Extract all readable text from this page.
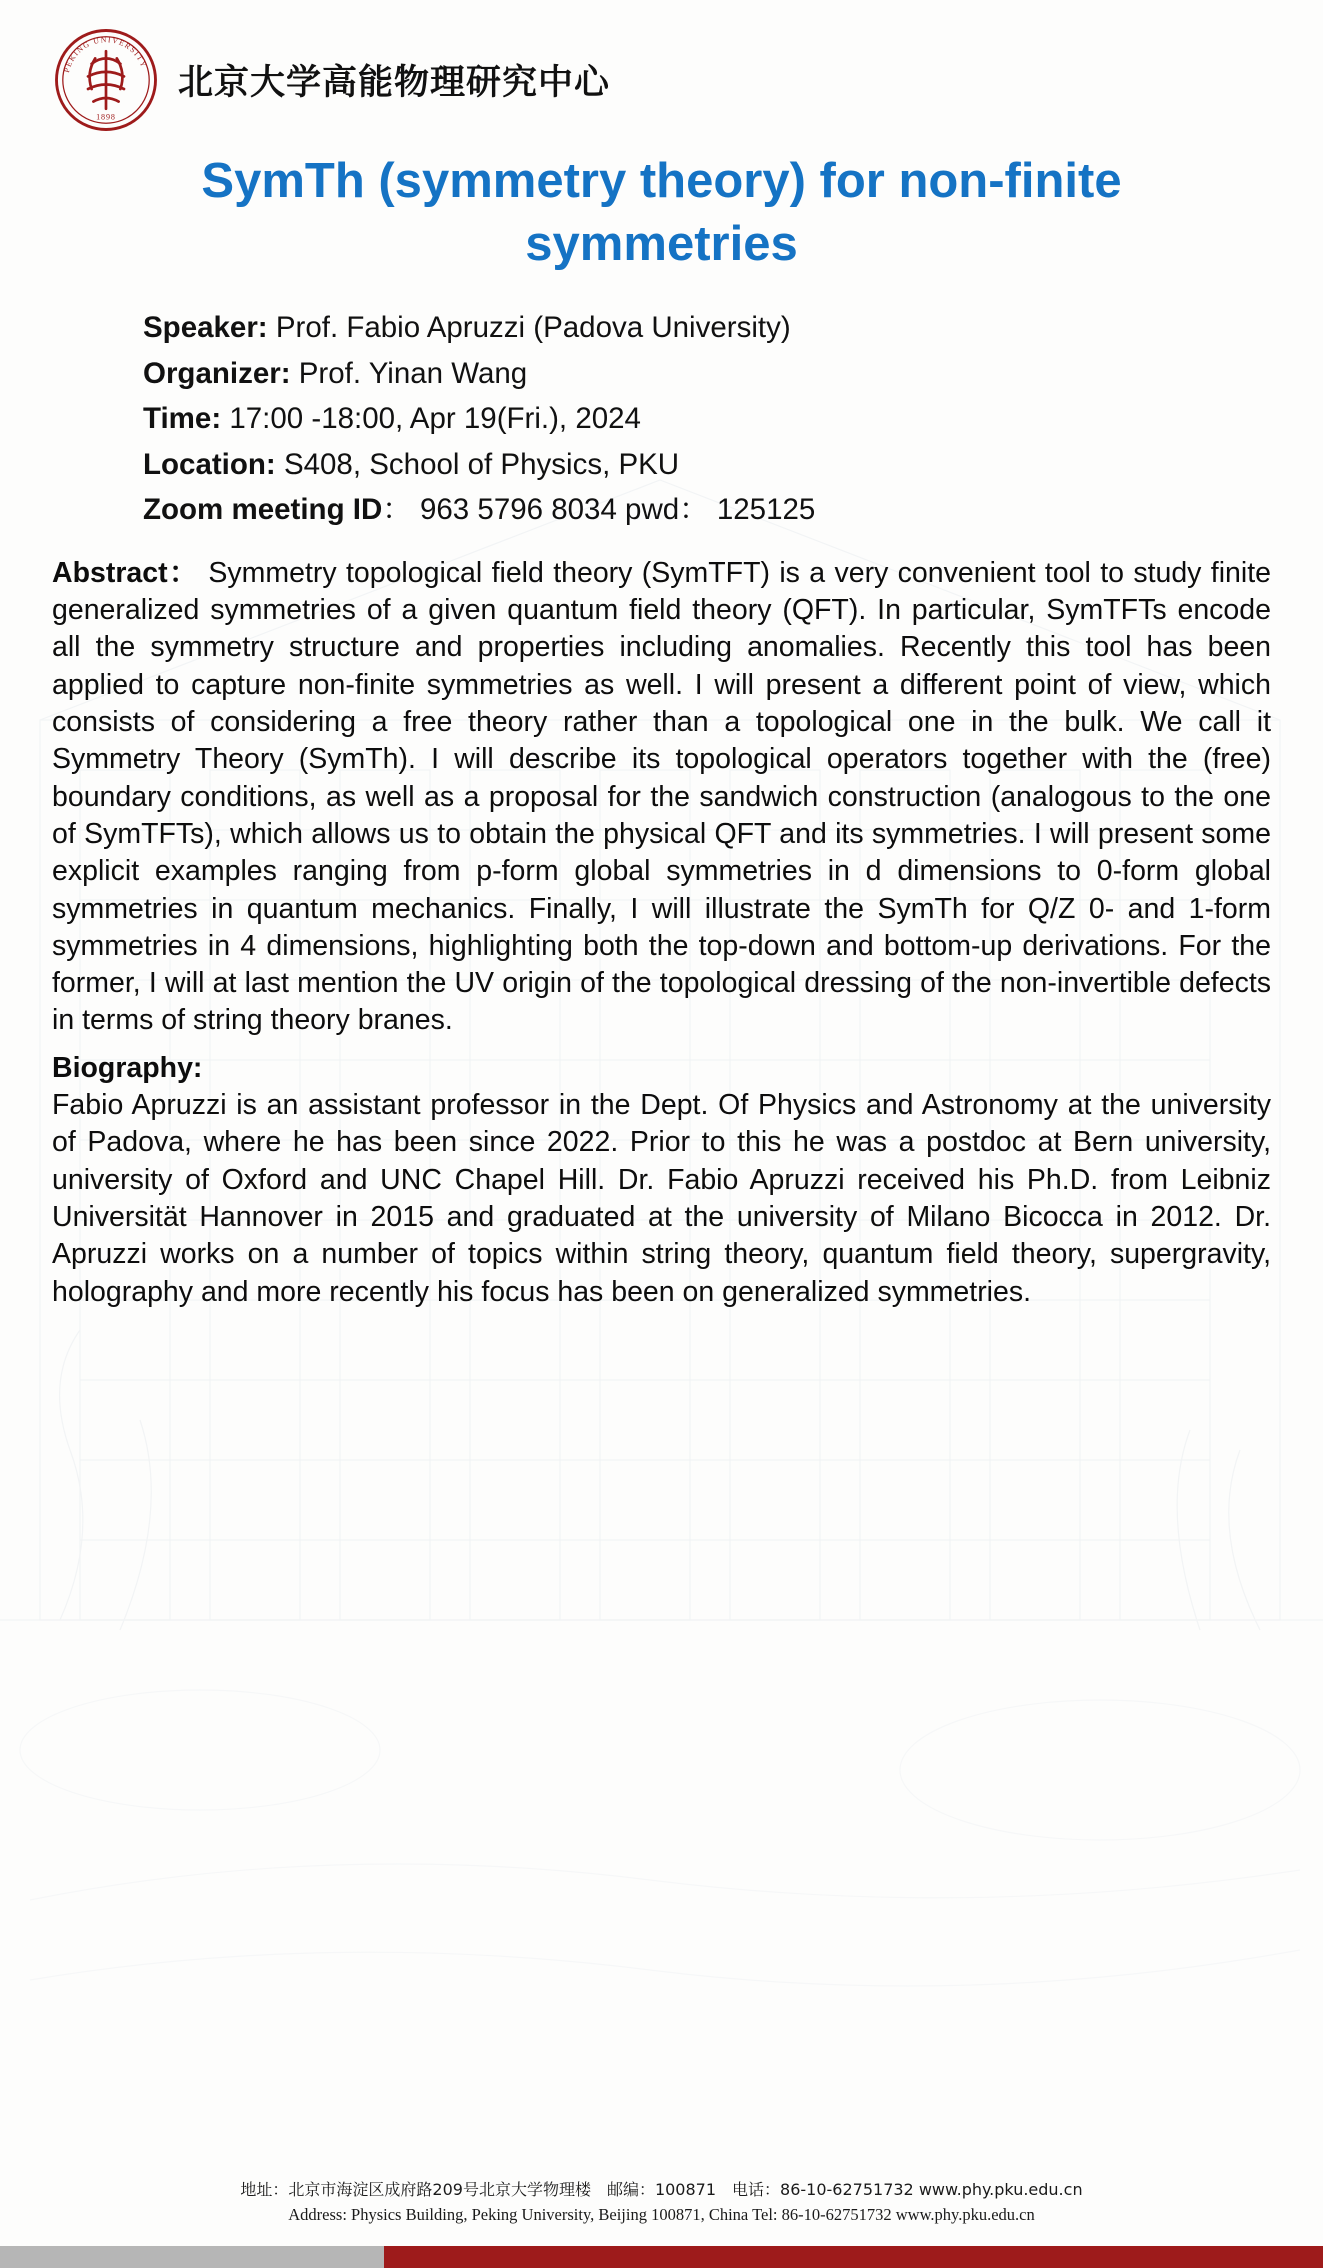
PEKING UNIVERSITY
1898
北京大学高能物理研究中心
SymTh (symmetry theory) for non-finite symmetries
Speaker: Prof. Fabio Apruzzi (Padova University)
Organizer: Prof. Yinan Wang
Time: 17:00 -18:00, Apr 19(Fri.), 2024
Location: S408, School of Physics, PKU
Zoom meeting ID： 963 5796 8034 pwd： 125125

Abstract： Symmetry topological field theory (SymTFT) is a very convenient tool to study finite generalized symmetries of a given quantum field theory (QFT). In particular, SymTFTs encode all the symmetry structure and properties including anomalies. Recently this tool has been applied to capture non-finite symmetries as well. I will present a different point of view, which consists of considering a free theory rather than a topological one in the bulk. We call it Symmetry Theory (SymTh). I will describe its topological operators together with the (free) boundary conditions, as well as a proposal for the sandwich construction (analogous to the one of SymTFTs), which allows us to obtain the physical QFT and its symmetries. I will present some explicit examples ranging from p-form global symmetries in d dimensions to 0-form global symmetries in quantum mechanics. Finally, I will illustrate the SymTh for Q/Z 0- and 1-form symmetries in 4 dimensions, highlighting both the top-down and bottom-up derivations. For the former, I will at last mention the UV origin of the topological dressing of the non-invertible defects in terms of string theory branes.

Biography:

Fabio Apruzzi is an assistant professor in the Dept. Of Physics and Astronomy at the university of Padova, where he has been since 2022. Prior to this he was a postdoc at Bern university, university of Oxford and UNC Chapel Hill. Dr. Fabio Apruzzi received his Ph.D. from Leibniz Universität Hannover in 2015 and graduated at the university of Milano Bicocca in 2012. Dr. Apruzzi works on a number of topics within string theory, quantum field theory, supergravity, holography and more recently his focus has been on generalized symmetries.

地址：北京市海淀区成府路209号北京大学物理楼　邮编：100871　电话：86-10-62751732 www.phy.pku.edu.cn
Address: Physics Building, Peking University, Beijing 100871, China Tel: 86-10-62751732 www.phy.pku.edu.cn
